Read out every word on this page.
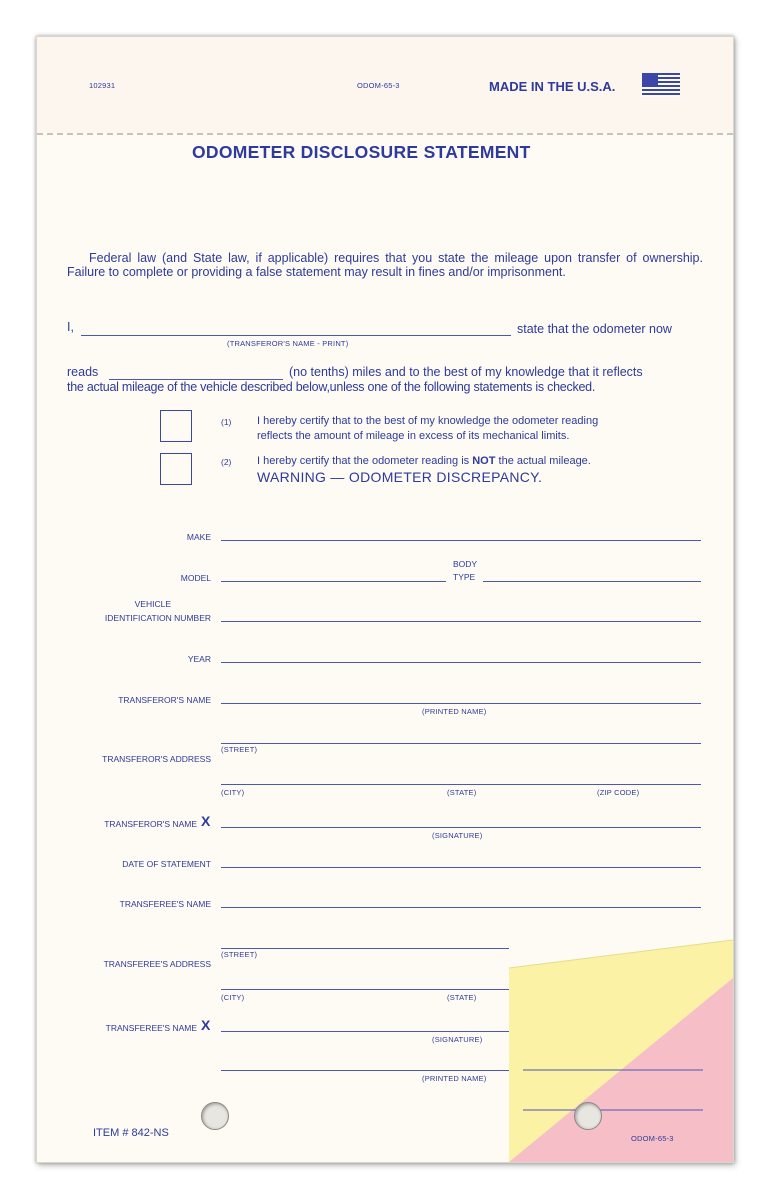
102931	ODOM-65-3	MADE IN THE U.S.A.
ODOMETER DISCLOSURE STATEMENT
Federal law (and State law, if applicable) requires that you state the mileage upon transfer of ownership. Failure to complete or providing a false statement may result in fines and/or imprisonment.
I,
(TRANSFEROR'S NAME - PRINT)
state that the odometer now
reads	(no tenths) miles and to the best of my knowledge that it reflects
the actual mileage of the vehicle described below,unless one of the following statements is checked.
(1) I hereby certify that to the best of my knowledge the odometer reading
reflects the amount of mileage in excess of its mechanical limits.
(2) I hereby certify that the odometer reading is NOT the actual mileage.
WARNING — ODOMETER DISCREPANCY.
MAKE
MODEL
BODY
TYPE
VEHICLE
IDENTIFICATION NUMBER
YEAR
TRANSFEROR'S NAME
(PRINTED NAME)
TRANSFEROR'S ADDRESS
(STREET)
(CITY)	(STATE)	(ZIP CODE)
TRANSFEROR'S NAME X
(SIGNATURE)
DATE OF STATEMENT
TRANSFEREE'S NAME
TRANSFEREE'S ADDRESS
(STREET)
(CITY)	(STATE)
TRANSFEREE'S NAME X
(SIGNATURE)
(PRINTED NAME)
ITEM # 842-NS	ODOM-65-3
